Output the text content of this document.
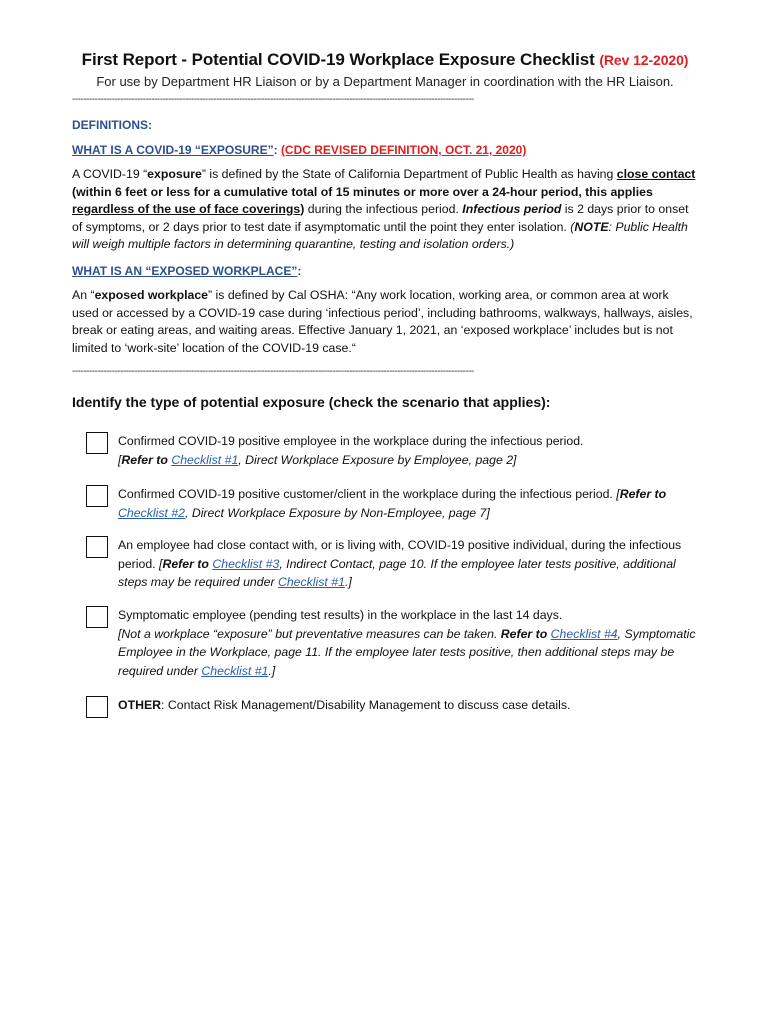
First Report - Potential COVID-19 Workplace Exposure Checklist (Rev 12-2020)
For use by Department HR Liaison or by a Department Manager in coordination with the HR Liaison.
----------------------------------------------------------------------------------------------------------------------------------------------
DEFINITIONS:
WHAT IS A COVID-19 “EXPOSURE”: (CDC REVISED DEFINITION, OCT. 21, 2020)
A COVID-19 “exposure” is defined by the State of California Department of Public Health as having close contact (within 6 feet or less for a cumulative total of 15 minutes or more over a 24-hour period, this applies regardless of the use of face coverings) during the infectious period. Infectious period is 2 days prior to onset of symptoms, or 2 days prior to test date if asymptomatic until the point they enter isolation. (NOTE: Public Health will weigh multiple factors in determining quarantine, testing and isolation orders.)
WHAT IS AN “EXPOSED WORKPLACE”:
An “exposed workplace” is defined by Cal OSHA: “Any work location, working area, or common area at work used or accessed by a COVID-19 case during ‘infectious period’, including bathrooms, walkways, hallways, aisles, break or eating areas, and waiting areas. Effective January 1, 2021, an ‘exposed workplace’ includes but is not limited to ‘work-site’ location of the COVID-19 case.“
----------------------------------------------------------------------------------------------------------------------------------------------
Identify the type of potential exposure (check the scenario that applies):
Confirmed COVID-19 positive employee in the workplace during the infectious period.
[Refer to Checklist #1, Direct Workplace Exposure by Employee, page 2]
Confirmed COVID-19 positive customer/client in the workplace during the infectious period. [Refer to Checklist #2, Direct Workplace Exposure by Non-Employee, page 7]
An employee had close contact with, or is living with, COVID-19 positive individual, during the infectious period. [Refer to Checklist #3, Indirect Contact, page 10. If the employee later tests positive, additional steps may be required under Checklist #1.]
Symptomatic employee (pending test results) in the workplace in the last 14 days.
[Not a workplace “exposure” but preventative measures can be taken. Refer to Checklist #4, Symptomatic Employee in the Workplace, page 11. If the employee later tests positive, then additional steps may be required under Checklist #1.]
OTHER: Contact Risk Management/Disability Management to discuss case details.
